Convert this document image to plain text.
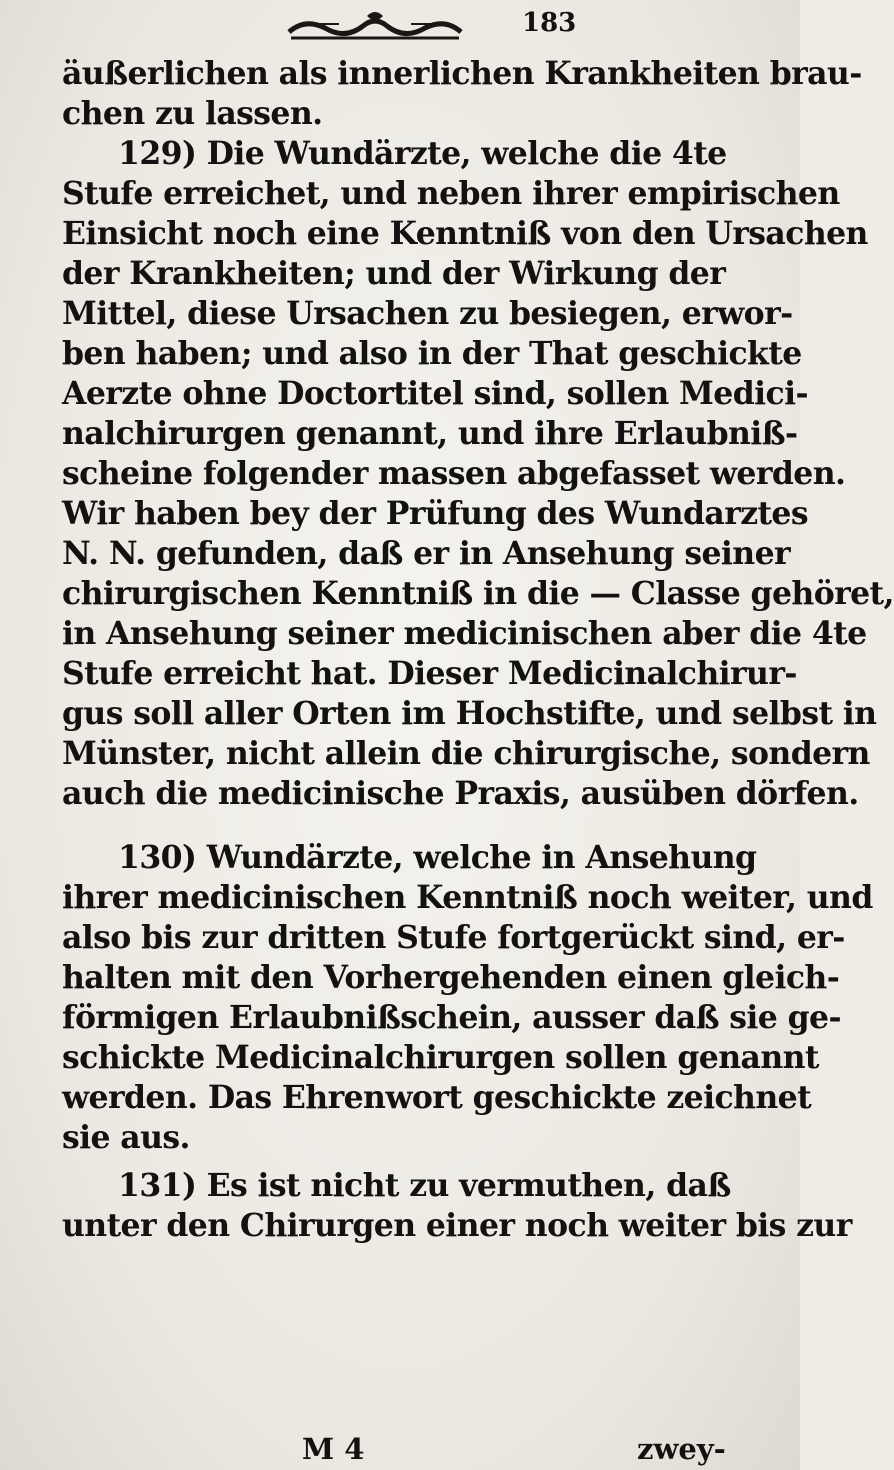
183
äußerlichen als innerlichen Krankheiten brau-
chen zu lassen.
129) Die Wundärzte, welche die 4te
Stufe erreichet, und neben ihrer empirischen
Einsicht noch eine Kenntniß von den Ursachen
der Krankheiten; und der Wirkung der
Mittel, diese Ursachen zu besiegen, erwor-
ben haben; und also in der That geschickte
Aerzte ohne Doctortitel sind, sollen Medici-
nalchirurgen genannt, und ihre Erlaubniß-
scheine folgender massen abgefasset werden.
Wir haben bey der Prüfung des Wundarztes
N. N. gefunden, daß er in Ansehung seiner
chirurgischen Kenntniß in die — Classe gehöret,
in Ansehung seiner medicinischen aber die 4te
Stufe erreicht hat. Dieser Medicinalchirur-
gus soll aller Orten im Hochstifte, und selbst in
Münster, nicht allein die chirurgische, sondern
auch die medicinische Praxis, ausüben dörfen.
130) Wundärzte, welche in Ansehung
ihrer medicinischen Kenntniß noch weiter, und
also bis zur dritten Stufe fortgerückt sind, er-
halten mit den Vorhergehenden einen gleich-
förmigen Erlaubnißschein, ausser daß sie ge-
schickte Medicinalchirurgen sollen genannt
werden. Das Ehrenwort geschickte zeichnet
sie aus.
131) Es ist nicht zu vermuthen, daß
unter den Chirurgen einer noch weiter bis zur
M 4	zwey-
